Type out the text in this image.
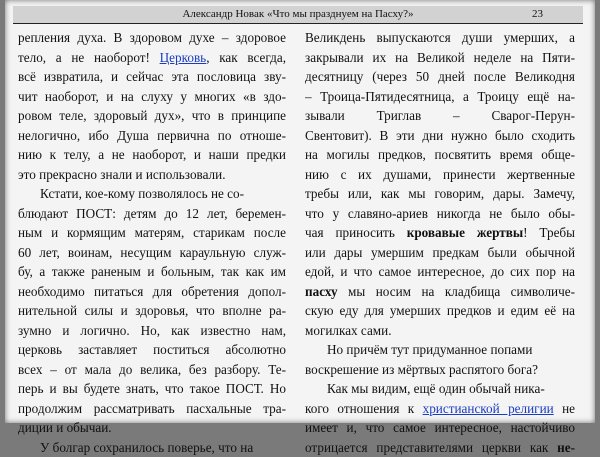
Александр Новак «Что мы празднуем на Пасху?»	23
репления духа. В здоровом духе – здоровое
тело, а не наоборот! Церковь, как всегда,
всё извратила, и сейчас эта пословица зву-
чит наоборот, и на слуху у многих «в здо-
ровом теле, здоровый дух», что в принципе
нелогично, ибо Душа первична по отноше-
нию к телу, а не наоборот, и наши предки
это прекрасно знали и использовали.
Кстати, кое-кому позволялось не со-
блюдают ПОСТ: детям до 12 лет, беремен-
ным и кормящим матерям, старикам после
60 лет, воинам, несущим караульную служ-
бу, а также раненым и больным, так как им
необходимо питаться для обретения допол-
нительной силы и здоровья, что вполне ра-
зумно и логично. Но, как известно нам,
церковь заставляет поститься абсолютно
всех – от мала до велика, без разбору. Те-
перь и вы будете знать, что такое ПОСТ. Но
продолжим рассматривать пасхальные тра-
диции и обычаи.
У болгар сохранилось поверье, что на
Великдень выпускаются души умерших, а
закрывали их на Великой неделе на Пяти-
десятницу (через 50 дней после Великодня
– Троица-Пятидесятница, а Троицу ещё на-
зывали Триглав – Сварог-Перун-
Свентовит). В эти дни нужно было сходить
на могилы предков, посвятить время обще-
нию с их душами, принести жертвенные
требы или, как мы говорим, дары. Замечу,
что у славяно-ариев никогда не было обы-
чая приносить кровавые жертвы! Требы
или дары умершим предкам были обычной
едой, и что самое интересное, до сих пор на
пасху мы носим на кладбища символиче-
скую еду для умерших предков и едим её на
могилках сами.
Но причём тут придуманное попами
воскрешение из мёртвых распятого бога?
Как мы видим, ещё один обычай ника-
кого отношения к христианской религии не
имеет и, что самое интересное, настойчиво
отрицается представителями церкви как не-
